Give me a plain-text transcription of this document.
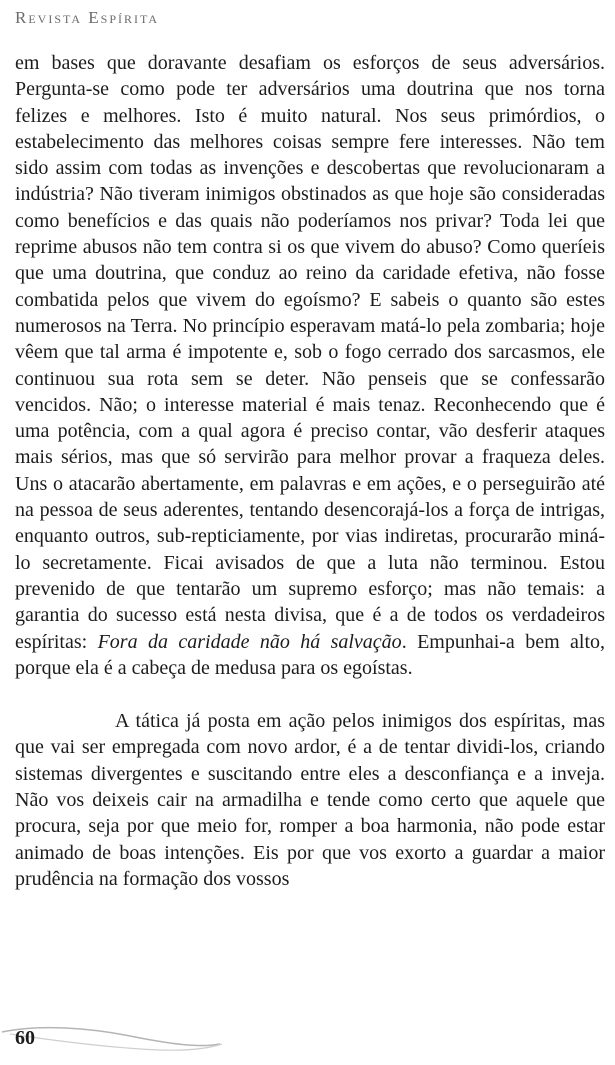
Revista Espírita

em bases que doravante desafiam os esforços de seus adversários. Pergunta-se como pode ter adversários uma doutrina que nos torna felizes e melhores. Isto é muito natural. Nos seus primórdios, o estabelecimento das melhores coisas sempre fere interesses. Não tem sido assim com todas as invenções e descobertas que revolucionaram a indústria? Não tiveram inimigos obstinados as que hoje são consideradas como benefícios e das quais não poderíamos nos privar? Toda lei que reprime abusos não tem contra si os que vivem do abuso? Como queríeis que uma doutrina, que conduz ao reino da caridade efetiva, não fosse combatida pelos que vivem do egoísmo? E sabeis o quanto são estes numerosos na Terra. No princípio esperavam matá-lo pela zombaria; hoje vêem que tal arma é impotente e, sob o fogo cerrado dos sarcasmos, ele continuou sua rota sem se deter. Não penseis que se confessarão vencidos. Não; o interesse material é mais tenaz. Reconhecendo que é uma potência, com a qual agora é preciso contar, vão desferir ataques mais sérios, mas que só servirão para melhor provar a fraqueza deles. Uns o atacarão abertamente, em palavras e em ações, e o perseguirão até na pessoa de seus aderentes, tentando desencorajá-los a força de intrigas, enquanto outros, sub-repticiamente, por vias indiretas, procurarão miná-lo secretamente. Ficai avisados de que a luta não terminou. Estou prevenido de que tentarão um supremo esforço; mas não temais: a garantia do sucesso está nesta divisa, que é a de todos os verdadeiros espíritas: Fora da caridade não há salvação. Empunhai-a bem alto, porque ela é a cabeça de medusa para os egoístas.

A tática já posta em ação pelos inimigos dos espíritas, mas que vai ser empregada com novo ardor, é a de tentar dividi-los, criando sistemas divergentes e suscitando entre eles a desconfiança e a inveja. Não vos deixeis cair na armadilha e tende como certo que aquele que procura, seja por que meio for, romper a boa harmonia, não pode estar animado de boas intenções. Eis por que vos exorto a guardar a maior prudência na formação dos vossos

60
